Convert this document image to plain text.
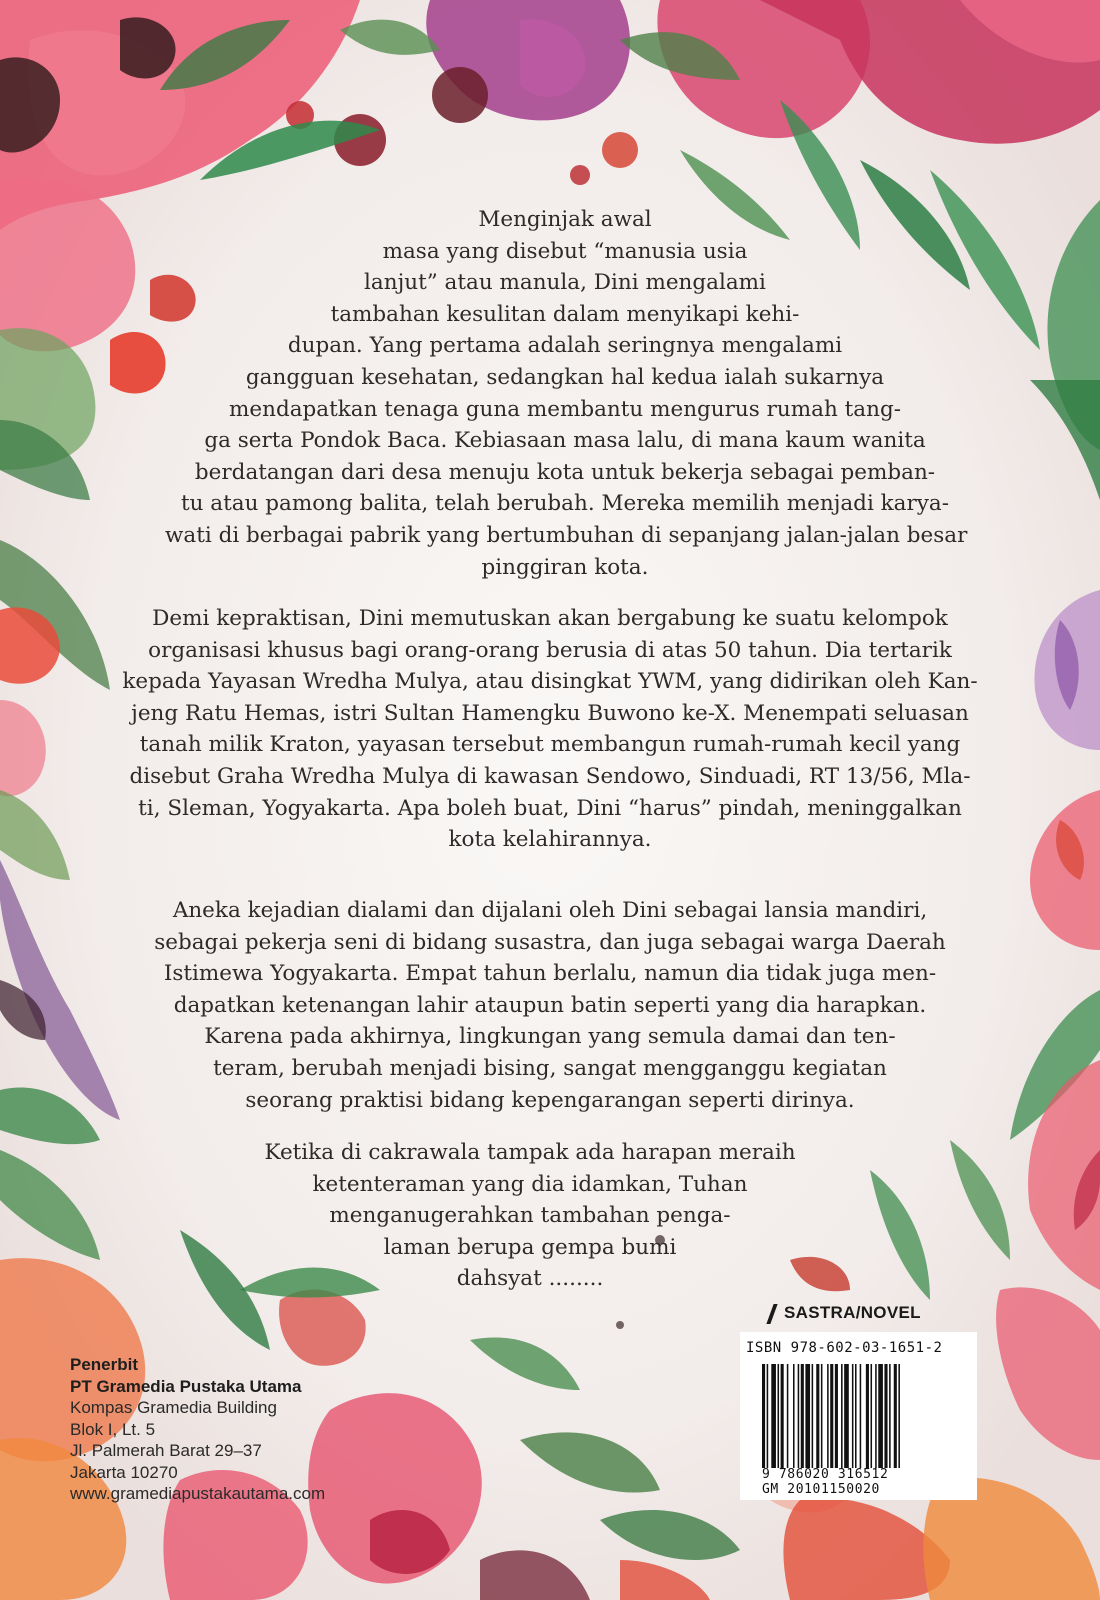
Menginjak awal
masa yang disebut “manusia usia
lanjut” atau manula, Dini mengalami
tambahan kesulitan dalam menyikapi kehi-
dupan. Yang pertama adalah seringnya mengalami
gangguan kesehatan, sedangkan hal kedua ialah sukarnya
mendapatkan tenaga guna membantu mengurus rumah tang-
ga serta Pondok Baca. Kebiasaan masa lalu, di mana kaum wanita
berdatangan dari desa menuju kota untuk bekerja sebagai pemban-
tu atau pamong balita, telah berubah. Mereka memilih menjadi karya-
wati di berbagai pabrik yang bertumbuhan di sepanjang jalan-jalan besar
pinggiran kota.
Demi kepraktisan, Dini memutuskan akan bergabung ke suatu kelompok
organisasi khusus bagi orang-orang berusia di atas 50 tahun. Dia tertarik
kepada Yayasan Wredha Mulya, atau disingkat YWM, yang didirikan oleh Kan-
jeng Ratu Hemas, istri Sultan Hamengku Buwono ke-X. Menempati seluasan
tanah milik Kraton, yayasan tersebut membangun rumah-rumah kecil yang
disebut Graha Wredha Mulya di kawasan Sendowo, Sinduadi, RT 13/56, Mla-
ti, Sleman, Yogyakarta. Apa boleh buat, Dini “harus” pindah, meninggalkan
kota kelahirannya.
Aneka kejadian dialami dan dijalani oleh Dini sebagai lansia mandiri,
sebagai pekerja seni di bidang susastra, dan juga sebagai warga Daerah
Istimewa Yogyakarta. Empat tahun berlalu, namun dia tidak juga men-
dapatkan ketenangan lahir ataupun batin seperti yang dia harapkan.
Karena pada akhirnya, lingkungan yang semula damai dan ten-
teram, berubah menjadi bising, sangat mengganggu kegiatan
seorang praktisi bidang kepengarangan seperti dirinya.
Ketika di cakrawala tampak ada harapan meraih
ketenteraman yang dia idamkan, Tuhan
menganugerahkan tambahan penga-
laman berupa gempa bumi
dahsyat ........
Penerbit
PT Gramedia Pustaka Utama
Kompas Gramedia Building
Blok I, Lt. 5
Jl. Palmerah Barat 29–37
Jakarta 10270
www.gramediapustakautama.com
SASTRA/NOVEL
ISBN 978-602-03-1651-2
9 786020 316512
GM 20101150020
